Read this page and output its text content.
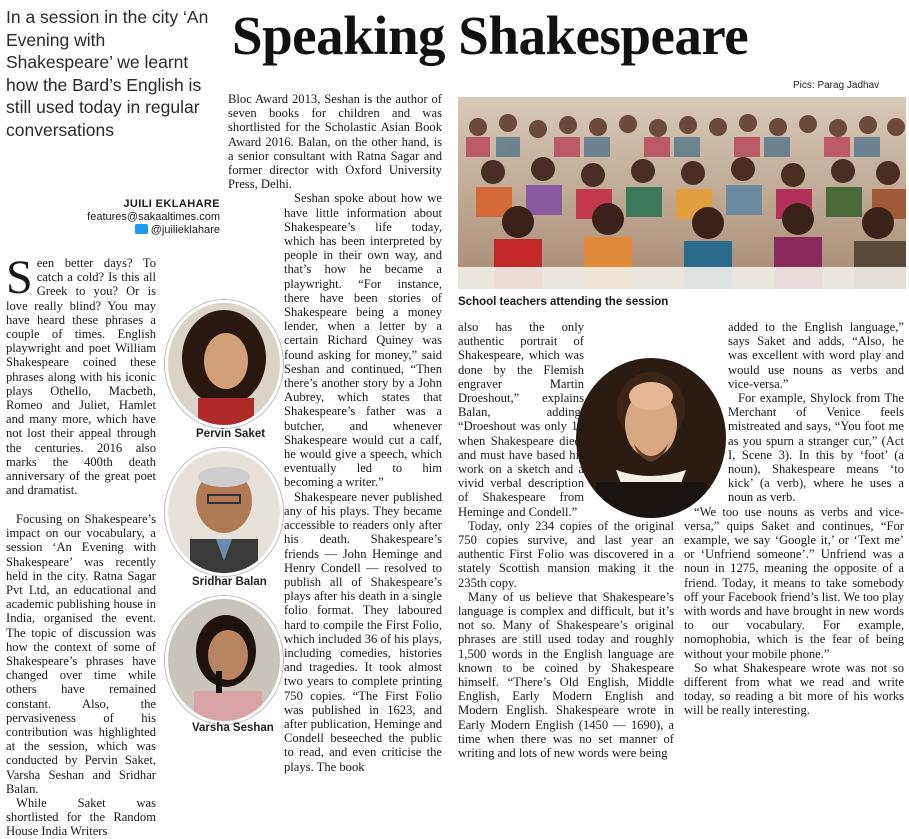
In a session in the city ‘An Evening with Shakespeare’ we learnt how the Bard’s English is still used today in regular conversations
Speaking Shakespeare
Pics: Parag Jadhav
JUILI EKLAHARE
features@sakaaltimes.com
@juilieklahare
School teachers attending the session
Pervin Saket
Sridhar Balan
Varsha Seshan

Seen better days? To catch a cold? Is this all Greek to you? Or is love really blind? You may have heard these phrases a couple of times. English playwright and poet William Shakespeare coined these phrases along with his iconic plays Othello, Macbeth, Romeo and Juliet, Hamlet and many more, which have not lost their appeal through the centuries. 2016 also marks the 400th death anniversary of the great poet and dramatist.

Focusing on Shakespeare’s impact on our vocabulary, a session ‘An Evening with Shakespeare’ was recently held in the city. Ratna Sagar Pvt Ltd, an educational and academic publishing house in India, organised the event. The topic of discussion was how the context of some of Shakespeare’s phrases have changed over time while others have remained constant. Also, the pervasiveness of his contribution was highlighted at the session, which was conducted by Pervin Saket, Varsha Seshan and Sridhar Balan.

While Saket was shortlisted for the Random House India Writers

Bloc Award 2013, Seshan is the author of seven books for children and was shortlisted for the Scholastic Asian Book Award 2016. Balan, on the other hand, is a senior consultant with Ratna Sagar and former director with Oxford University Press, Delhi.

Seshan spoke about how we have little information about Shakespeare’s life today, which has been interpreted by people in their own way, and that’s how he became a playwright. “For instance, there have been stories of Shakespeare being a money lender, when a letter by a certain Richard Quiney was found asking for money,” said Seshan and continued, “Then there’s another story by a John Aubrey, which states that Shakespeare’s father was a butcher, and whenever Shakespeare would cut a calf, he would give a speech, which eventually led to him becoming a writer.”

Shakespeare never published any of his plays. They became accessible to readers only after his death. Shakespeare’s friends — John Heminge and Henry Condell — resolved to publish all of Shakespeare’s plays after his death in a single folio format. They laboured hard to compile the First Folio, which included 36 of his plays, including comedies, histories and tragedies. It took almost two years to complete printing 750 copies. “The First Folio was published in 1623, and after publication, Heminge and Condell beseeched the public to read, and even criticise the plays. The book

also has the only authentic portrait of Shakespeare, which was done by the Flemish engraver Martin Droeshout,” explains Balan, adding, “Droeshout was only 15 when Shakespeare died, and must have based his work on a sketch and a vivid verbal description of Shakespeare from Heminge and Condell.”

Today, only 234 copies of the original 750 copies survive, and last year an authentic First Folio was discovered in a stately Scottish mansion making it the 235th copy.

Many of us believe that Shakespeare’s language is complex and difficult, but it’s not so. Many of Shakespeare’s original phrases are still used today and roughly 1,500 words in the English language are known to be coined by Shakespeare himself. “There’s Old English, Middle English, Early Modern English and Modern English. Shakespeare wrote in Early Modern English (1450 — 1690), a time when there was no set manner of writing and lots of new words were being

added to the English language,” says Saket and adds, “Also, he was excellent with word play and would use nouns as verbs and vice-versa.”

For example, Shylock from The Merchant of Venice feels mistreated and says, “You foot me as you spurn a stranger cur,” (Act I, Scene 3). In this by ‘foot’ (a noun), Shakespeare means ‘to kick’ (a verb), where he uses a noun as verb.

“We too use nouns as verbs and vice-versa,” quips Saket and continues, “For example, we say ‘Google it,’ or ‘Text me’ or ‘Unfriend someone’.” Unfriend was a noun in 1275, meaning the opposite of a friend. Today, it means to take somebody off your Facebook friend’s list. We too play with words and have brought in new words to our vocabulary. For example, nomophobia, which is the fear of being without your mobile phone.”

So what Shakespeare wrote was not so different from what we read and write today, so reading a bit more of his works will be really interesting.
